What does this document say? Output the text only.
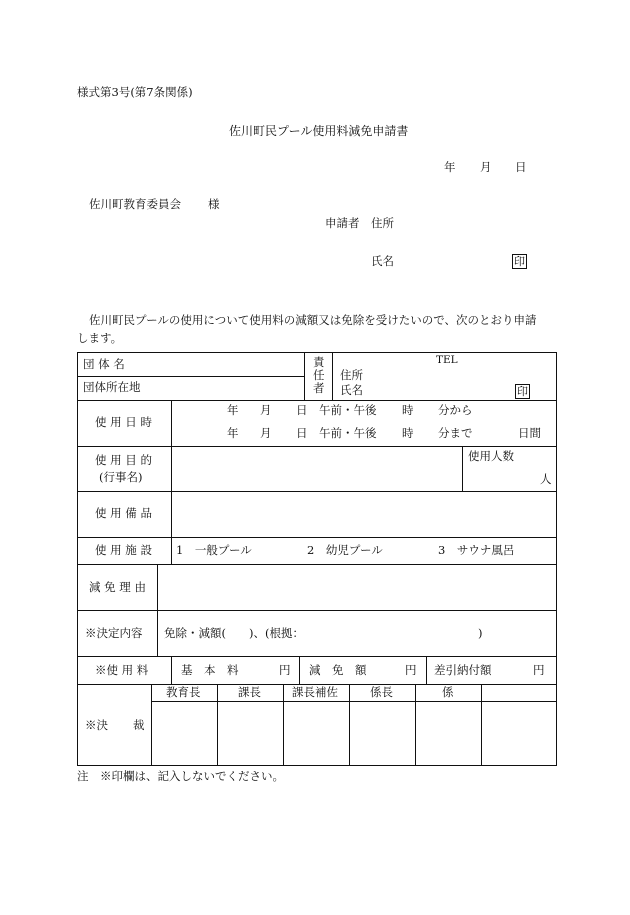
様式第3号(第7条関係)
佐川町民プール使用料減免申請書
年 月 日
佐川町教育委員会 様
申請者 住所
氏名	印
佐川町民プールの使用について使用料の減額又は免除を受けたいので、次のとおり申請
します。
団 体 名
団体所在地
責
任
者
TEL
住所
氏名	印
使 用 日 時
年 月 日 午前・午後 時 分から
年 月 日 午前・午後 時 分まで	日間
使 用 目 的
(行事名)
使用人数
人
使 用 備 品
使 用 施 設 1　一般プール	2　幼児プール	3　サウナ風呂
減 免 理 由
※決定内容 免除・減額(　　)、(根拠：	)
※使 用 料	基　本　料	円 減　免　額	円 差引納付額	円
※決 裁
教育長	課長	課長補佐	係長	係
注　※印欄は、記入しないでください。
